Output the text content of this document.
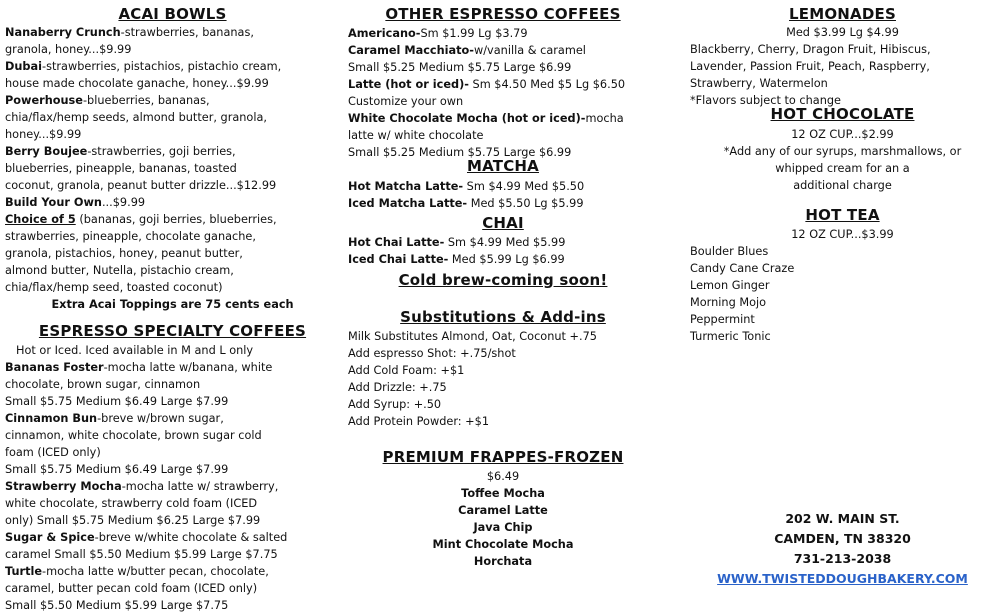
ACAI BOWLS
Nanaberry Crunch-strawberries, bananas,
granola, honey...$9.99
Dubai-strawberries, pistachios, pistachio cream,
house made chocolate ganache, honey...$9.99
Powerhouse-blueberries, bananas,
chia/flax/hemp seeds, almond butter, granola,
honey...$9.99
Berry Boujee-strawberries, goji berries,
blueberries, pineapple, bananas, toasted
coconut, granola, peanut butter drizzle...$12.99
Build Your Own...$9.99
Choice of 5 (bananas, goji berries, blueberries,
strawberries, pineapple, chocolate ganache,
granola, pistachios, honey, peanut butter,
almond butter, Nutella, pistachio cream,
chia/flax/hemp seed, toasted coconut)
Extra Acai Toppings are 75 cents each
ESPRESSO SPECIALTY COFFEES
Hot or Iced. Iced available in M and L only
Bananas Foster-mocha latte w/banana, white
chocolate, brown sugar, cinnamon
Small $5.75 Medium $6.49 Large $7.99
Cinnamon Bun-breve w/brown sugar,
cinnamon, white chocolate, brown sugar cold
foam (ICED only)
Small $5.75 Medium $6.49 Large $7.99
Strawberry Mocha-mocha latte w/ strawberry,
white chocolate, strawberry cold foam (ICED
only) Small $5.75 Medium $6.25 Large $7.99
Sugar & Spice-breve w/white chocolate & salted
caramel Small $5.50 Medium $5.99 Large $7.75
Turtle-mocha latte w/butter pecan, chocolate,
caramel, butter pecan cold foam (ICED only)
Small $5.50 Medium $5.99 Large $7.75
OTHER ESPRESSO COFFEES
Americano-Sm $1.99 Lg $3.79
Caramel Macchiato-w/vanilla & caramel
Small $5.25 Medium $5.75 Large $6.99
Latte (hot or iced)- Sm $4.50 Med $5 Lg $6.50
Customize your own
White Chocolate Mocha (hot or iced)-mocha
latte w/ white chocolate
Small $5.25 Medium $5.75 Large $6.99
MATCHA
Hot Matcha Latte- Sm $4.99 Med $5.50
Iced Matcha Latte- Med $5.50 Lg $5.99
CHAI
Hot Chai Latte- Sm $4.99 Med $5.99
Iced Chai Latte- Med $5.99 Lg $6.99
Cold brew-coming soon!
Substitutions & Add-ins
Milk Substitutes Almond, Oat, Coconut +.75
Add espresso Shot: +.75/shot
Add Cold Foam: +$1
Add Drizzle: +.75
Add Syrup: +.50
Add Protein Powder: +$1
PREMIUM FRAPPES-FROZEN
$6.49
Toffee Mocha
Caramel Latte
Java Chip
Mint Chocolate Mocha
Horchata
LEMONADES
Med $3.99 Lg $4.99
Blackberry, Cherry, Dragon Fruit, Hibiscus,
Lavender, Passion Fruit, Peach, Raspberry,
Strawberry, Watermelon
*Flavors subject to change
HOT CHOCOLATE
12 OZ CUP...$2.99
*Add any of our syrups, marshmallows, or
whipped cream for an a
additional charge
HOT TEA
12 OZ CUP...$3.99
Boulder Blues
Candy Cane Craze
Lemon Ginger
Morning Mojo
Peppermint
Turmeric Tonic
202 W. MAIN ST.
CAMDEN, TN 38320
731-213-2038
WWW.TWISTEDDOUGHBAKERY.COM
